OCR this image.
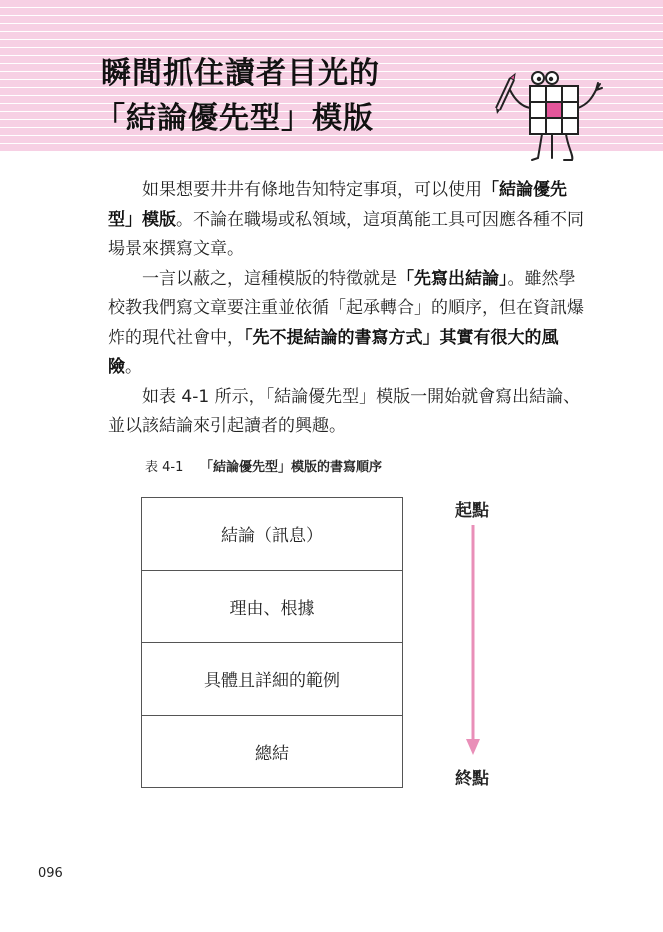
瞬間抓住讀者目光的
「結論優先型」模版

如果想要井井有條地告知特定事項，可以使用「結論優先型」模版。不論在職場或私領域，這項萬能工具可因應各種不同場景來撰寫文章。

一言以蔽之，這種模版的特徵就是「先寫出結論」。雖然學校教我們寫文章要注重並依循「起承轉合」的順序，但在資訊爆炸的現代社會中，「先不提結論的書寫方式」其實有很大的風險。

如表 4-1 所示，「結論優先型」模版一開始就會寫出結論、並以該結論來引起讀者的興趣。

表 4-1 「結論優先型」模版的書寫順序
結論（訊息）
理由、根據
具體且詳細的範例
總結
起點
終點
096
